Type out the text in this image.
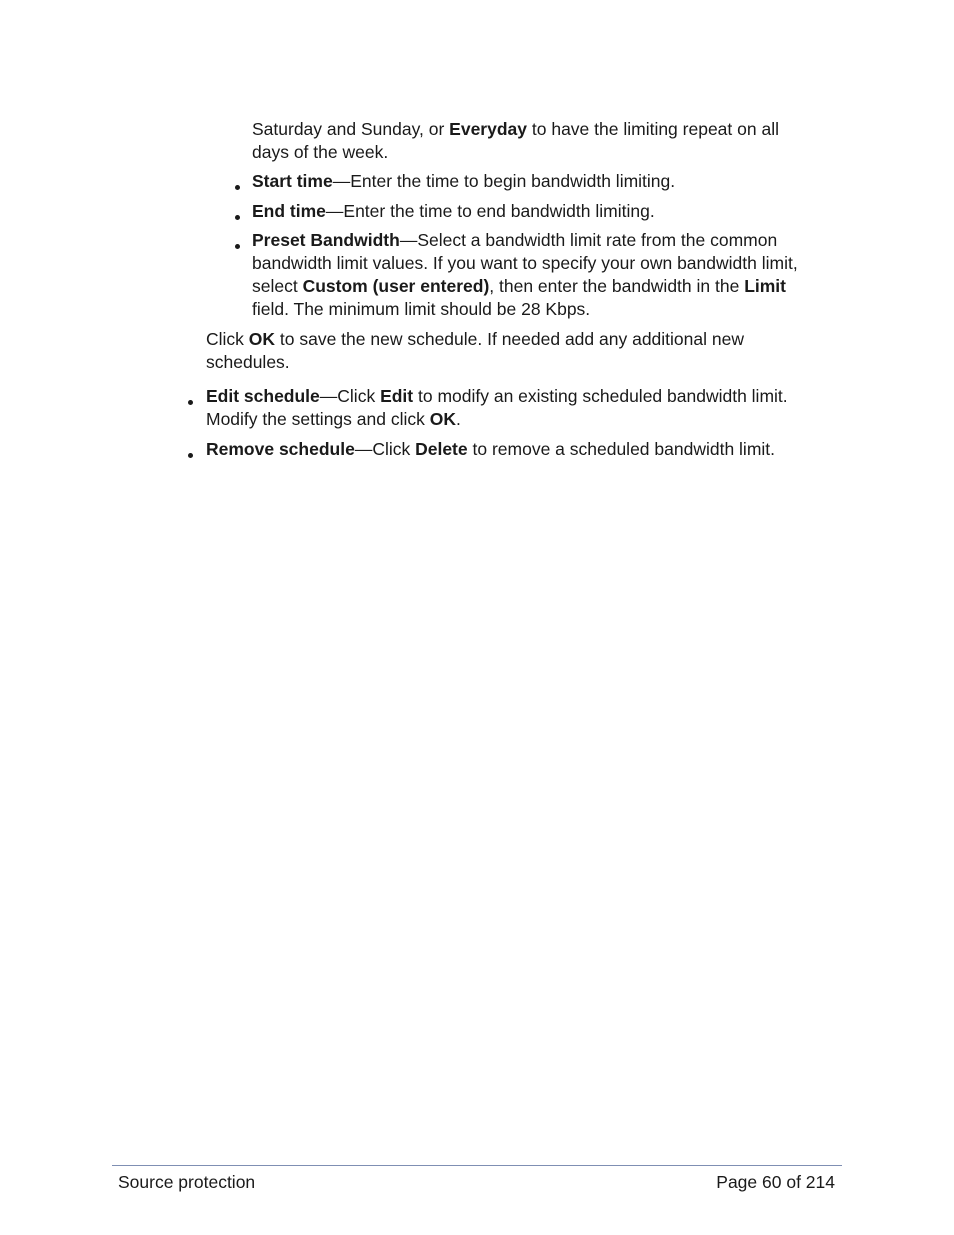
Saturday and Sunday, or Everyday to have the limiting repeat on all
days of the week.
Start time—Enter the time to begin bandwidth limiting.
End time—Enter the time to end bandwidth limiting.
Preset Bandwidth—Select a bandwidth limit rate from the common
bandwidth limit values. If you want to specify your own bandwidth limit,
select Custom (user entered), then enter the bandwidth in the Limit
field. The minimum limit should be 28 Kbps.
Click OK to save the new schedule. If needed add any additional new
schedules.
Edit schedule—Click Edit to modify an existing scheduled bandwidth limit.
Modify the settings and click OK.
Remove schedule—Click Delete to remove a scheduled bandwidth limit.
Source protection	Page 60 of 214
